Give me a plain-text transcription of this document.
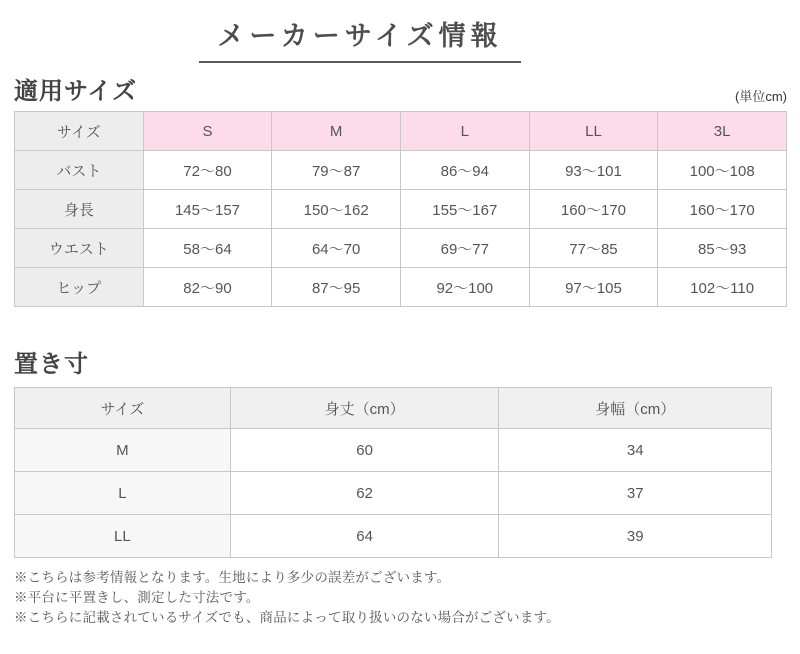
メーカーサイズ情報
適用サイズ	(単位cm)
サイズ	S	M	L	LL	3L
バスト	72〜80	79〜87	86〜94	93〜101	100〜108
身長	145〜157	150〜162	155〜167	160〜170	160〜170
ウエスト	58〜64	64〜70	69〜77	77〜85	85〜93
ヒップ	82〜90	87〜95	92〜100	97〜105	102〜110
置き寸
サイズ	身丈（cm）	身幅（cm）
M	60	34
L	62	37
LL	64	39
※こちらは参考情報となります。生地により多少の誤差がございます。
※平台に平置きし、測定した寸法です。
※こちらに記載されているサイズでも、商品によって取り扱いのない場合がございます。
